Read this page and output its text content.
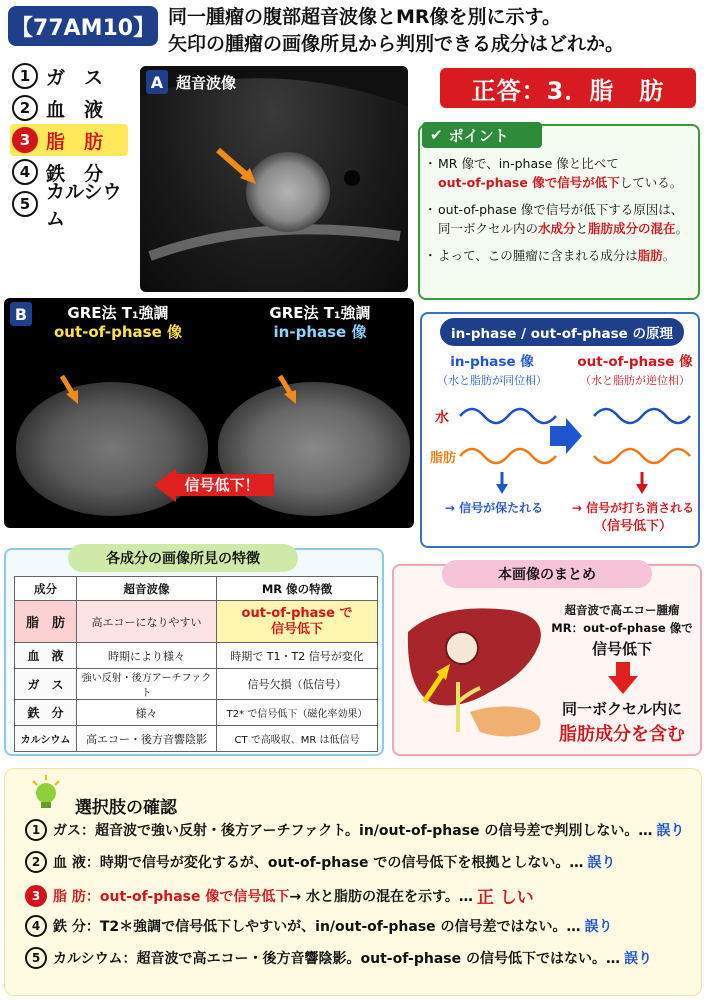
【77AM10】 同一腫瘤の腹部超音波像とMR像を別に示す。
矢印の腫瘤の画像所見から判別できる成分はどれか。
1 ガ　ス
2 血　液
3 脂　肪
4 鉄　分
5
カルシウム
A 超音波像	正答：3．脂　肪
✔ ポイント
・ MR 像で、in-phase 像と比べて
out-of-phase 像で信号が低下している。
・ out-of-phase 像で信号が低下する原因は、同一ボクセル内の水成分と脂肪成分の混在。
・ よって、この腫瘤に含まれる成分は脂肪。
B	GRE法 T₁強調
out-of-phase 像
GRE法 T₁強調
in-phase 像
信号低下！
in-phase / out-of-phase の原理
in-phase 像
（水と脂肪が同位相）
out-of-phase 像
（水と脂肪が逆位相）
水
脂肪
→ 信号が保たれる	→ 信号が打ち消される
（信号低下）
各成分の画像所見の特徴
成分	超音波像	MR 像の特徴
脂　肪	高エコーになりやすい	out-of-phase で
信号低下
血　液	時期により様々	時期で T1・T2 信号が変化
ガ　ス	強い反射・後方アーチファクト	信号欠損（低信号）
鉄　分	様々	T2* で信号低下（磁化率効果）
カルシウム	高エコー・後方音響陰影	CT で高吸収、MR は低信号
本画像のまとめ
超音波で高エコー腫瘤
MR：out-of-phase 像で
信号低下
同一ボクセル内に
脂肪成分を含む
選択肢の確認
1 ガス：超音波で強い反射・後方アーチファクト。in/out-of-phase の信号差で判別しない。… 誤り
2 血 液：時期で信号が変化するが、out-of-phase での信号低下を根拠としない。… 誤り
3 脂 肪：out-of-phase 像で信号低下 → 水と脂肪の混在を示す。… 正 しい
4 鉄 分：T2＊強調で信号低下しやすいが、in/out-of-phase の信号差ではない。… 誤り
5 カルシウム：超音波で高エコー・後方音響陰影。out-of-phase の信号低下ではない。… 誤り
